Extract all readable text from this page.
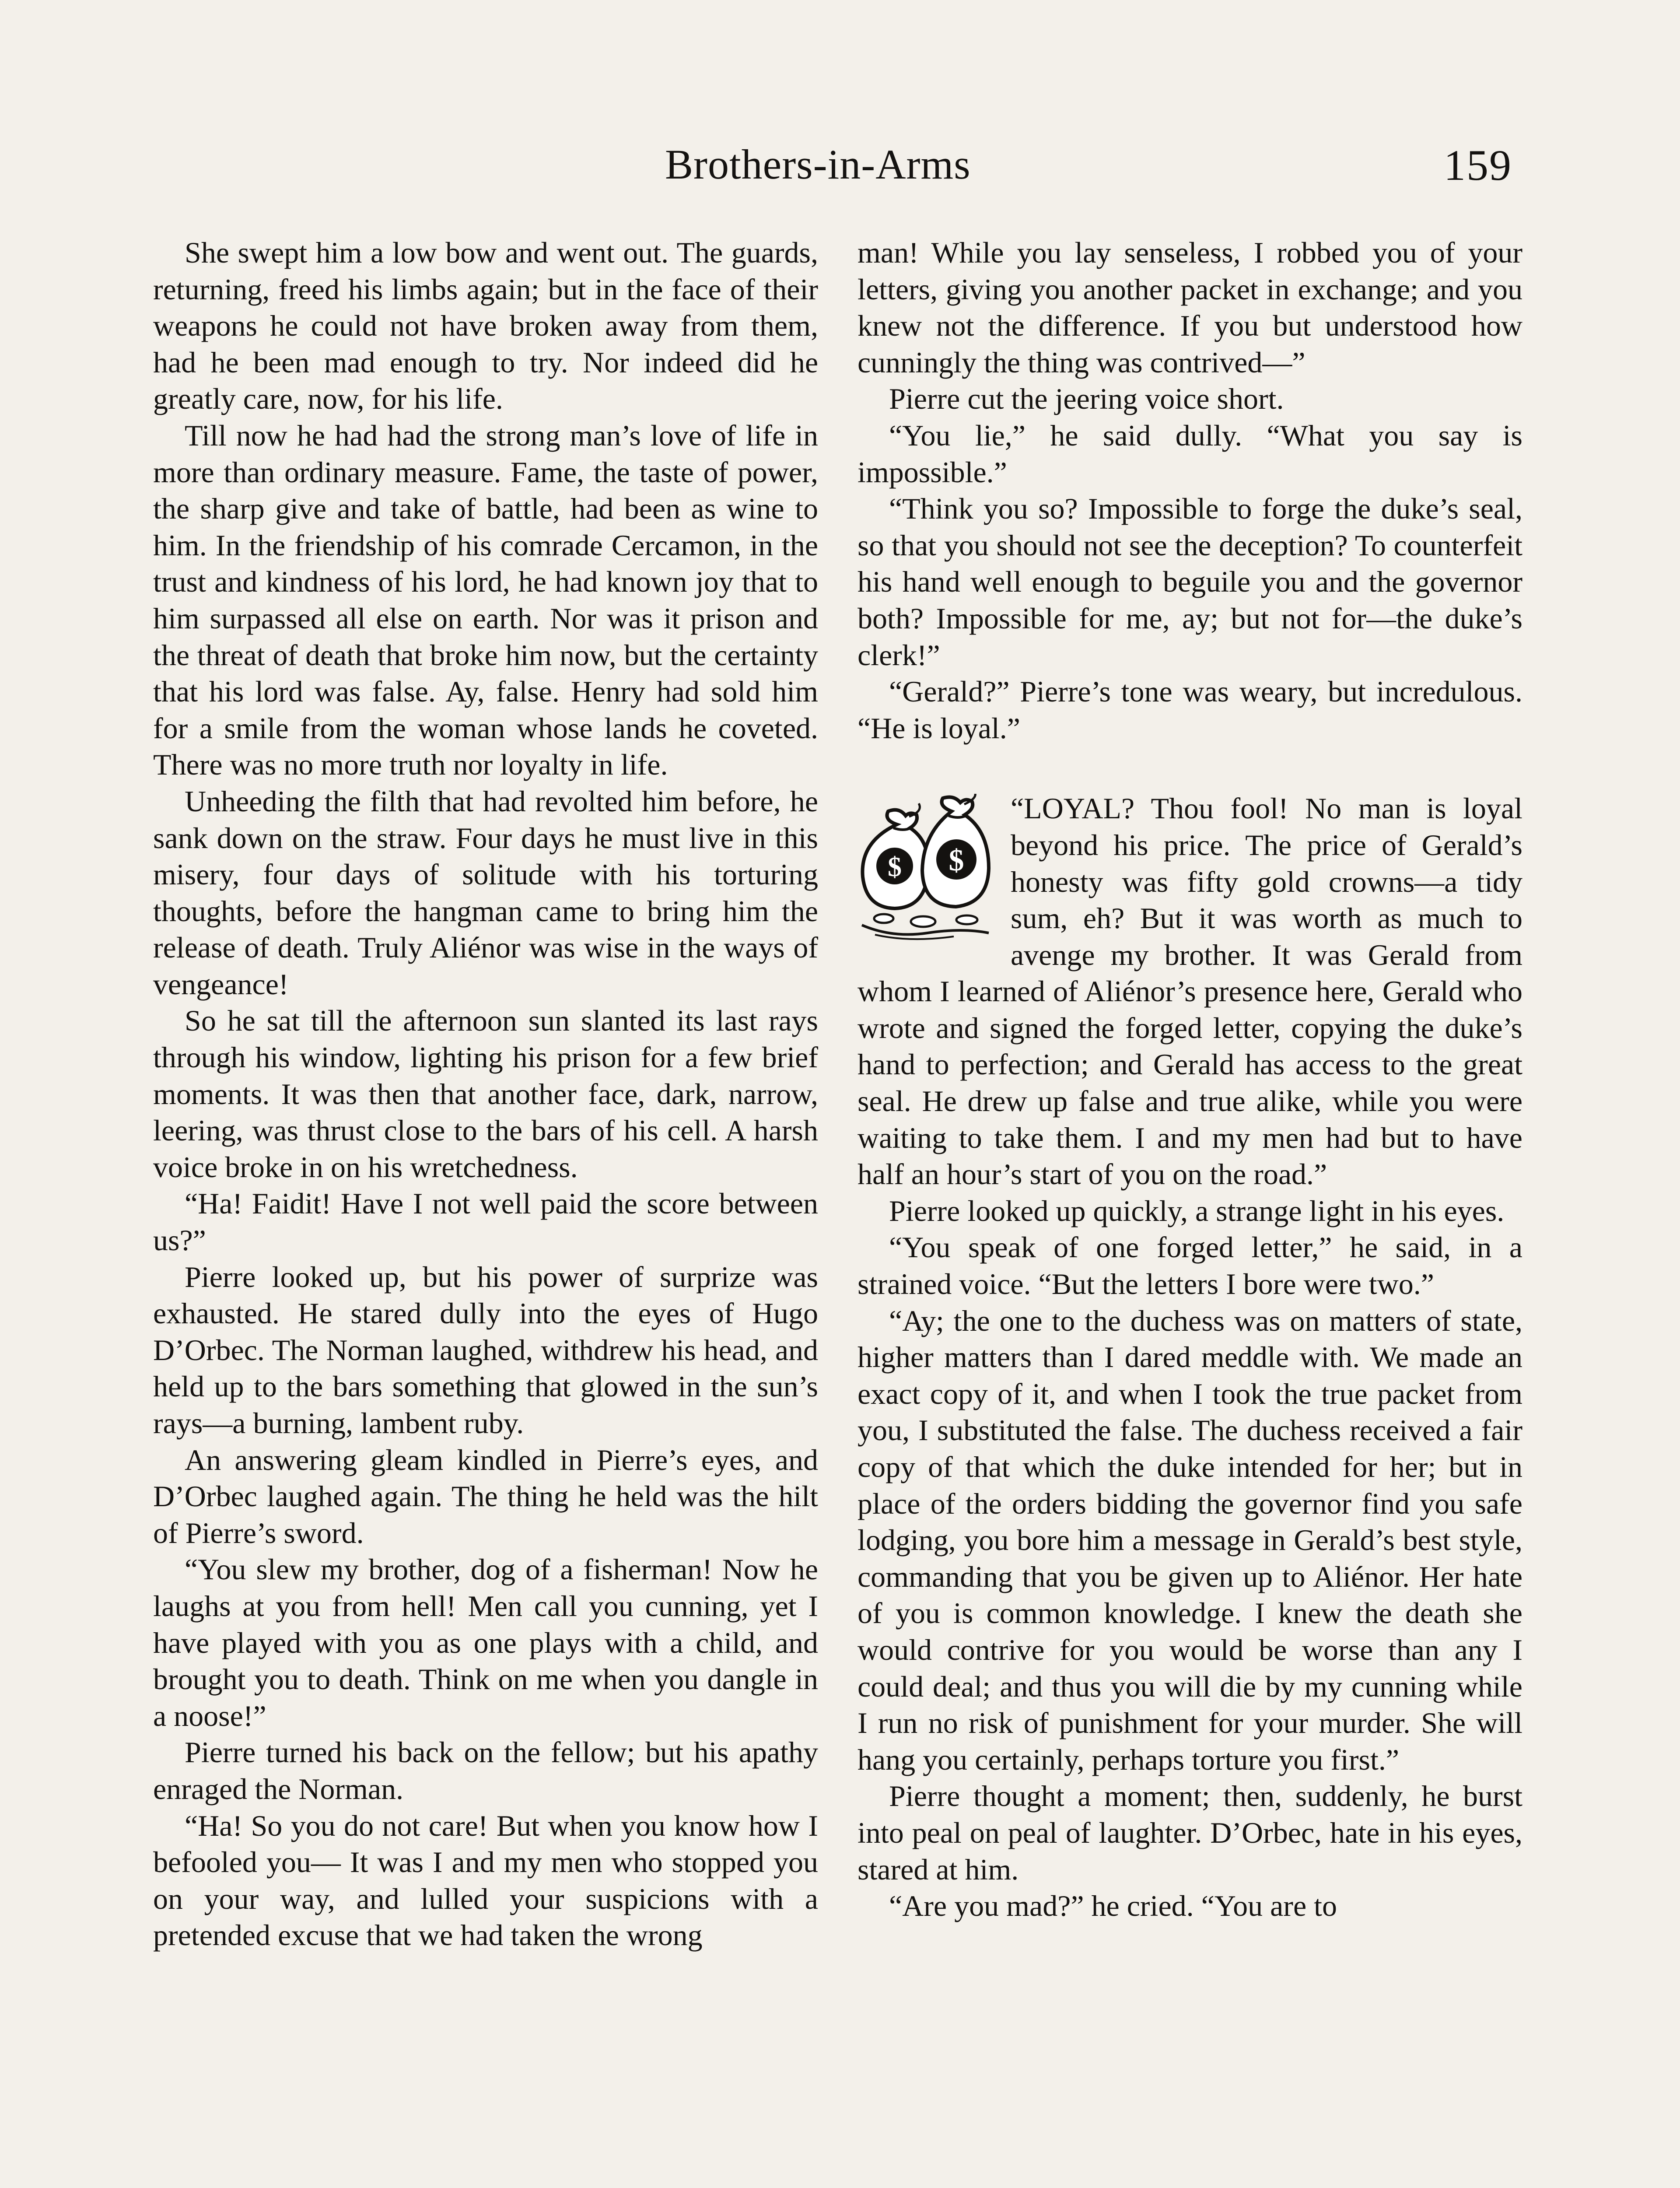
Brothers-in-Arms	159

She swept him a low bow and went out. The guards, returning, freed his limbs again; but in the face of their weapons he could not have broken away from them, had he been mad enough to try. Nor indeed did he greatly care, now, for his life.

Till now he had had the strong man’s love of life in more than ordinary measure. Fame, the taste of power, the sharp give and take of battle, had been as wine to him. In the friendship of his comrade Cercamon, in the trust and kindness of his lord, he had known joy that to him surpassed all else on earth. Nor was it prison and the threat of death that broke him now, but the certainty that his lord was false. Ay, false. Henry had sold him for a smile from the woman whose lands he coveted. There was no more truth nor loyalty in life.

Unheeding the filth that had revolted him before, he sank down on the straw. Four days he must live in this misery, four days of solitude with his torturing thoughts, before the hangman came to bring him the release of death. Truly Aliénor was wise in the ways of vengeance!

So he sat till the afternoon sun slanted its last rays through his window, lighting his prison for a few brief moments. It was then that another face, dark, narrow, leering, was thrust close to the bars of his cell. A harsh voice broke in on his wretchedness.

“Ha! Faidit! Have I not well paid the score between us?”

Pierre looked up, but his power of surprize was exhausted. He stared dully into the eyes of Hugo D’Orbec. The Norman laughed, withdrew his head, and held up to the bars something that glowed in the sun’s rays—a burning, lambent ruby.

An answering gleam kindled in Pierre’s eyes, and D’Orbec laughed again. The thing he held was the hilt of Pierre’s sword.

“You slew my brother, dog of a fisherman! Now he laughs at you from hell! Men call you cunning, yet I have played with you as one plays with a child, and brought you to death. Think on me when you dangle in a noose!”

Pierre turned his back on the fellow; but his apathy enraged the Norman.

“Ha! So you do not care! But when you know how I befooled you— It was I and my men who stopped you on your way, and lulled your suspicions with a pretended excuse that we had taken the wrong

man! While you lay senseless, I robbed you of your letters, giving you another packet in exchange; and you knew not the difference. If you but understood how cunningly the thing was contrived—”

Pierre cut the jeering voice short.

“You lie,” he said dully. “What you say is impossible.”

“Think you so? Impossible to forge the duke’s seal, so that you should not see the deception? To counterfeit his hand well enough to beguile you and the governor both? Impossible for me, ay; but not for—the duke’s clerk!”

“Gerald?” Pierre’s tone was weary, but incredulous. “He is loyal.”

$ $

“LOYAL? Thou fool! No man is loyal beyond his price. The price of Gerald’s honesty was fifty gold crowns—a tidy sum, eh? But it was worth as much to avenge my brother. It was Gerald from whom I learned of Aliénor’s presence here, Gerald who wrote and signed the forged letter, copying the duke’s hand to perfection; and Gerald has access to the great seal. He drew up false and true alike, while you were waiting to take them. I and my men had but to have half an hour’s start of you on the road.”

Pierre looked up quickly, a strange light in his eyes.

“You speak of one forged letter,” he said, in a strained voice. “But the letters I bore were two.”

“Ay; the one to the duchess was on matters of state, higher matters than I dared meddle with. We made an exact copy of it, and when I took the true packet from you, I substituted the false. The duchess received a fair copy of that which the duke intended for her; but in place of the orders bidding the governor find you safe lodging, you bore him a message in Gerald’s best style, commanding that you be given up to Aliénor. Her hate of you is common knowledge. I knew the death she would contrive for you would be worse than any I could deal; and thus you will die by my cunning while I run no risk of punishment for your murder. She will hang you certainly, perhaps torture you first.”

Pierre thought a moment; then, suddenly, he burst into peal on peal of laughter. D’Orbec, hate in his eyes, stared at him.

“Are you mad?” he cried. “You are to
